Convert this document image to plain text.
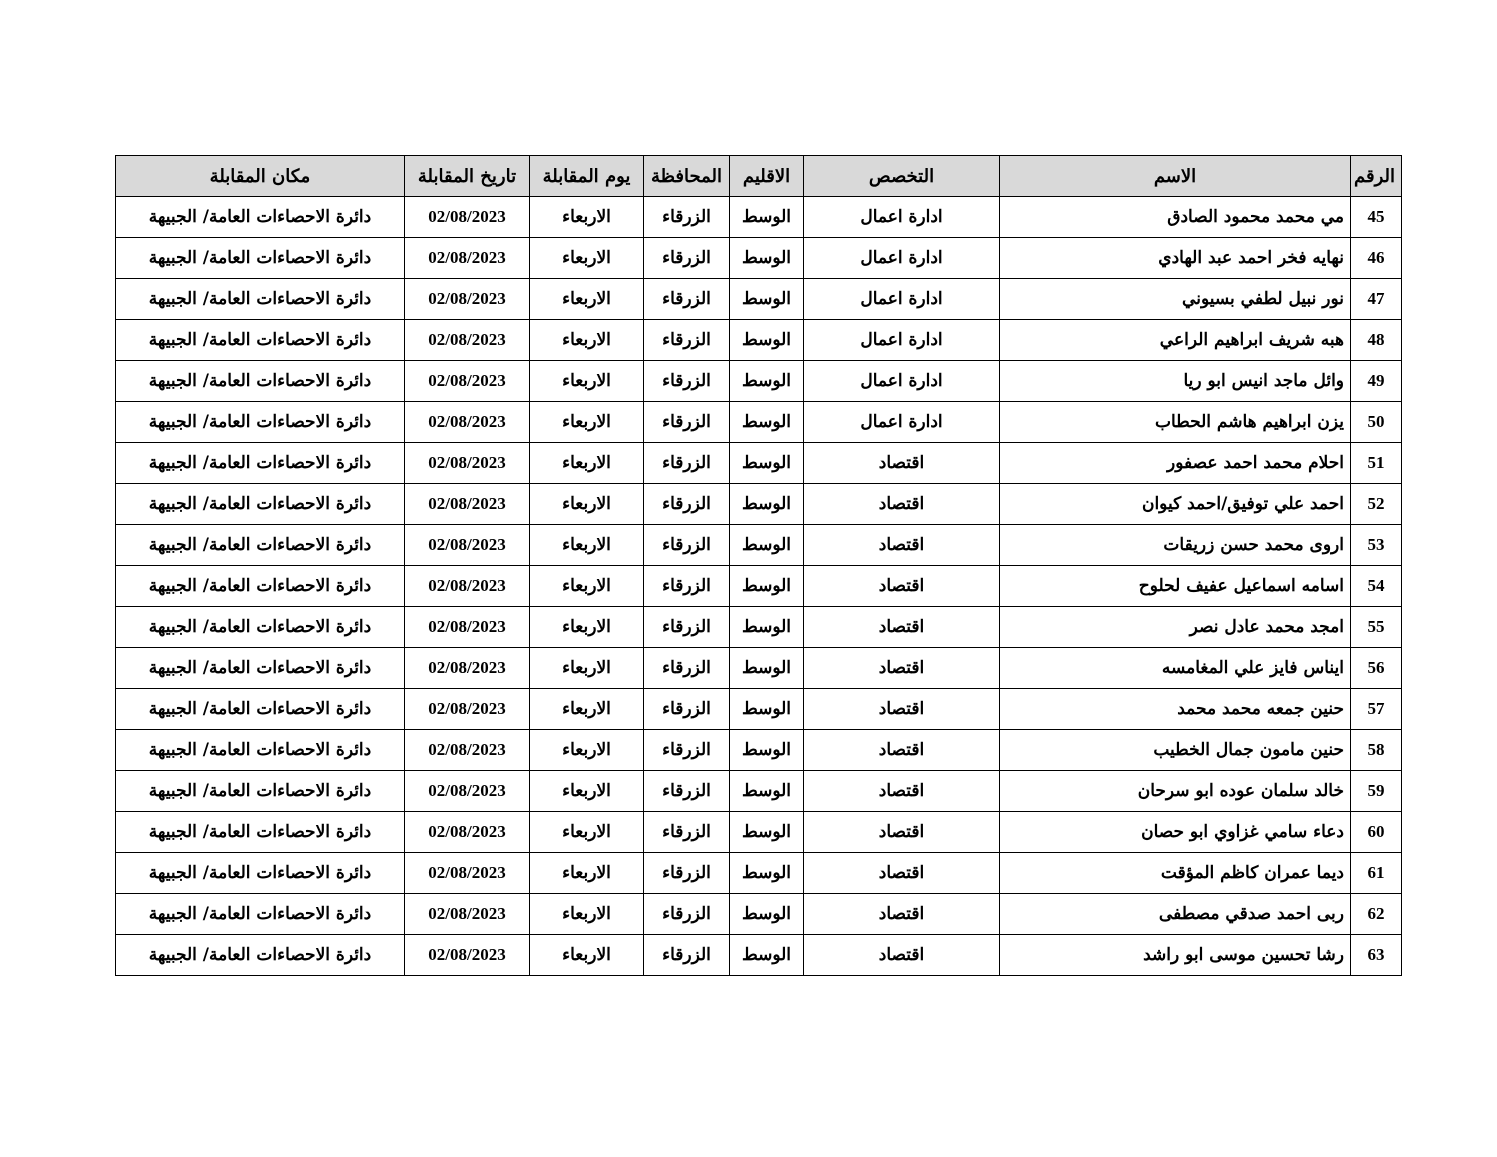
الرقم	الاسم	التخصص	الاقليم	المحافظة	يوم المقابلة	تاريخ المقابلة	مكان المقابلة
45	مي محمد محمود الصادق	ادارة اعمال	الوسط	الزرقاء	الاربعاء	02/08/2023	دائرة الاحصاءات العامة/ الجبيهة
46	نهايه فخر احمد عبد الهادي	ادارة اعمال	الوسط	الزرقاء	الاربعاء	02/08/2023	دائرة الاحصاءات العامة/ الجبيهة
47	نور نبيل لطفي بسيوني	ادارة اعمال	الوسط	الزرقاء	الاربعاء	02/08/2023	دائرة الاحصاءات العامة/ الجبيهة
48	هبه شريف ابراهيم الراعي	ادارة اعمال	الوسط	الزرقاء	الاربعاء	02/08/2023	دائرة الاحصاءات العامة/ الجبيهة
49	وائل ماجد انيس ابو ريا	ادارة اعمال	الوسط	الزرقاء	الاربعاء	02/08/2023	دائرة الاحصاءات العامة/ الجبيهة
50	يزن ابراهيم هاشم الحطاب	ادارة اعمال	الوسط	الزرقاء	الاربعاء	02/08/2023	دائرة الاحصاءات العامة/ الجبيهة
51	احلام محمد احمد عصفور	اقتصاد	الوسط	الزرقاء	الاربعاء	02/08/2023	دائرة الاحصاءات العامة/ الجبيهة
52	احمد علي توفيق/احمد كيوان	اقتصاد	الوسط	الزرقاء	الاربعاء	02/08/2023	دائرة الاحصاءات العامة/ الجبيهة
53	اروى محمد حسن زريقات	اقتصاد	الوسط	الزرقاء	الاربعاء	02/08/2023	دائرة الاحصاءات العامة/ الجبيهة
54	اسامه اسماعيل عفيف لحلوح	اقتصاد	الوسط	الزرقاء	الاربعاء	02/08/2023	دائرة الاحصاءات العامة/ الجبيهة
55	امجد محمد عادل نصر	اقتصاد	الوسط	الزرقاء	الاربعاء	02/08/2023	دائرة الاحصاءات العامة/ الجبيهة
56	ايناس فايز علي المغامسه	اقتصاد	الوسط	الزرقاء	الاربعاء	02/08/2023	دائرة الاحصاءات العامة/ الجبيهة
57	حنين جمعه محمد محمد	اقتصاد	الوسط	الزرقاء	الاربعاء	02/08/2023	دائرة الاحصاءات العامة/ الجبيهة
58	حنين مامون جمال الخطيب	اقتصاد	الوسط	الزرقاء	الاربعاء	02/08/2023	دائرة الاحصاءات العامة/ الجبيهة
59	خالد سلمان عوده ابو سرحان	اقتصاد	الوسط	الزرقاء	الاربعاء	02/08/2023	دائرة الاحصاءات العامة/ الجبيهة
60	دعاء سامي غزاوي ابو حصان	اقتصاد	الوسط	الزرقاء	الاربعاء	02/08/2023	دائرة الاحصاءات العامة/ الجبيهة
61	ديما عمران كاظم المؤقت	اقتصاد	الوسط	الزرقاء	الاربعاء	02/08/2023	دائرة الاحصاءات العامة/ الجبيهة
62	ربى احمد صدقي مصطفى	اقتصاد	الوسط	الزرقاء	الاربعاء	02/08/2023	دائرة الاحصاءات العامة/ الجبيهة
63	رشا تحسين موسى ابو راشد	اقتصاد	الوسط	الزرقاء	الاربعاء	02/08/2023	دائرة الاحصاءات العامة/ الجبيهة
